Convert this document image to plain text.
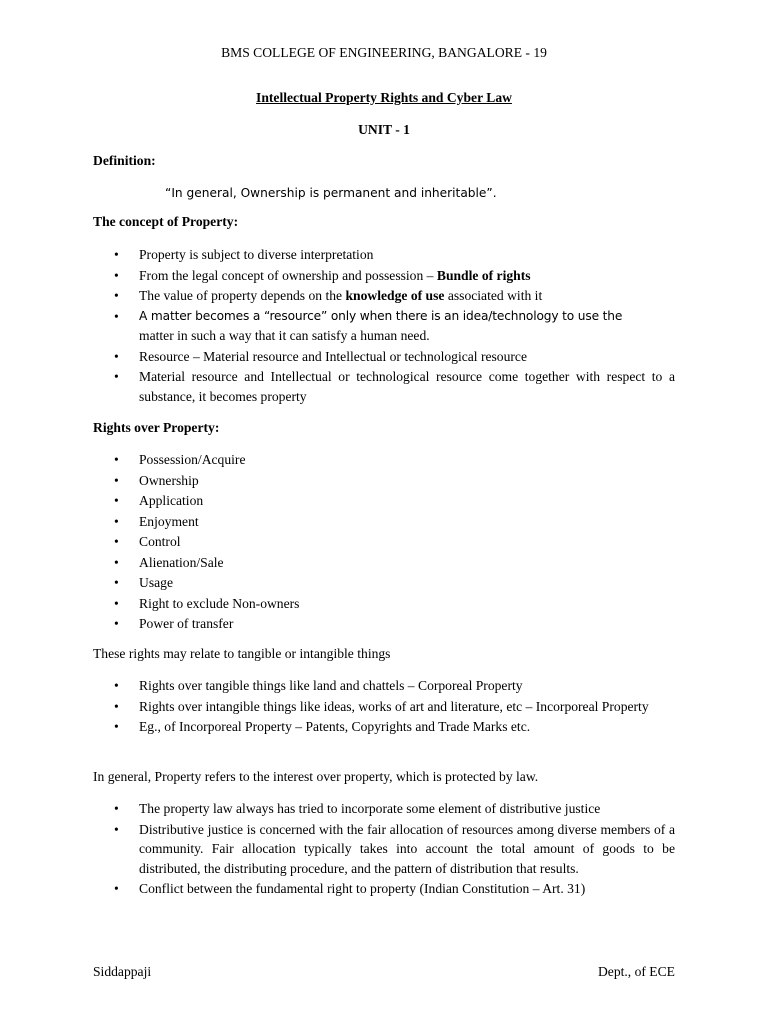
BMS COLLEGE OF ENGINEERING, BANGALORE - 19
Intellectual Property Rights and Cyber Law
UNIT - 1
Definition:
“In general, Ownership is permanent and inheritable”.
The concept of Property:
• Property is subject to diverse interpretation
• From the legal concept of ownership and possession – Bundle of rights
• The value of property depends on the knowledge of use associated with it
• A matter becomes a “resource” only when there is an idea/technology to use the
matter in such a way that it can satisfy a human need.
• Resource – Material resource and Intellectual or technological resource
• Material resource and Intellectual or technological resource come together with respect to a substance, it becomes property
Rights over Property:
• Possession/Acquire
• Ownership
• Application
• Enjoyment
• Control
• Alienation/Sale
• Usage
• Right to exclude Non-owners
• Power of transfer
These rights may relate to tangible or intangible things
• Rights over tangible things like land and chattels – Corporeal Property
• Rights over intangible things like ideas, works of art and literature, etc – Incorporeal Property
• Eg., of Incorporeal Property – Patents, Copyrights and Trade Marks etc.
In general, Property refers to the interest over property, which is protected by law.
• The property law always has tried to incorporate some element of distributive justice
• Distributive justice is concerned with the fair allocation of resources among diverse members of a community. Fair allocation typically takes into account the total amount of goods to be distributed, the distributing procedure, and the pattern of distribution that results.
• Conflict between the fundamental right to property (Indian Constitution – Art. 31)
Siddappaji	Dept., of ECE
